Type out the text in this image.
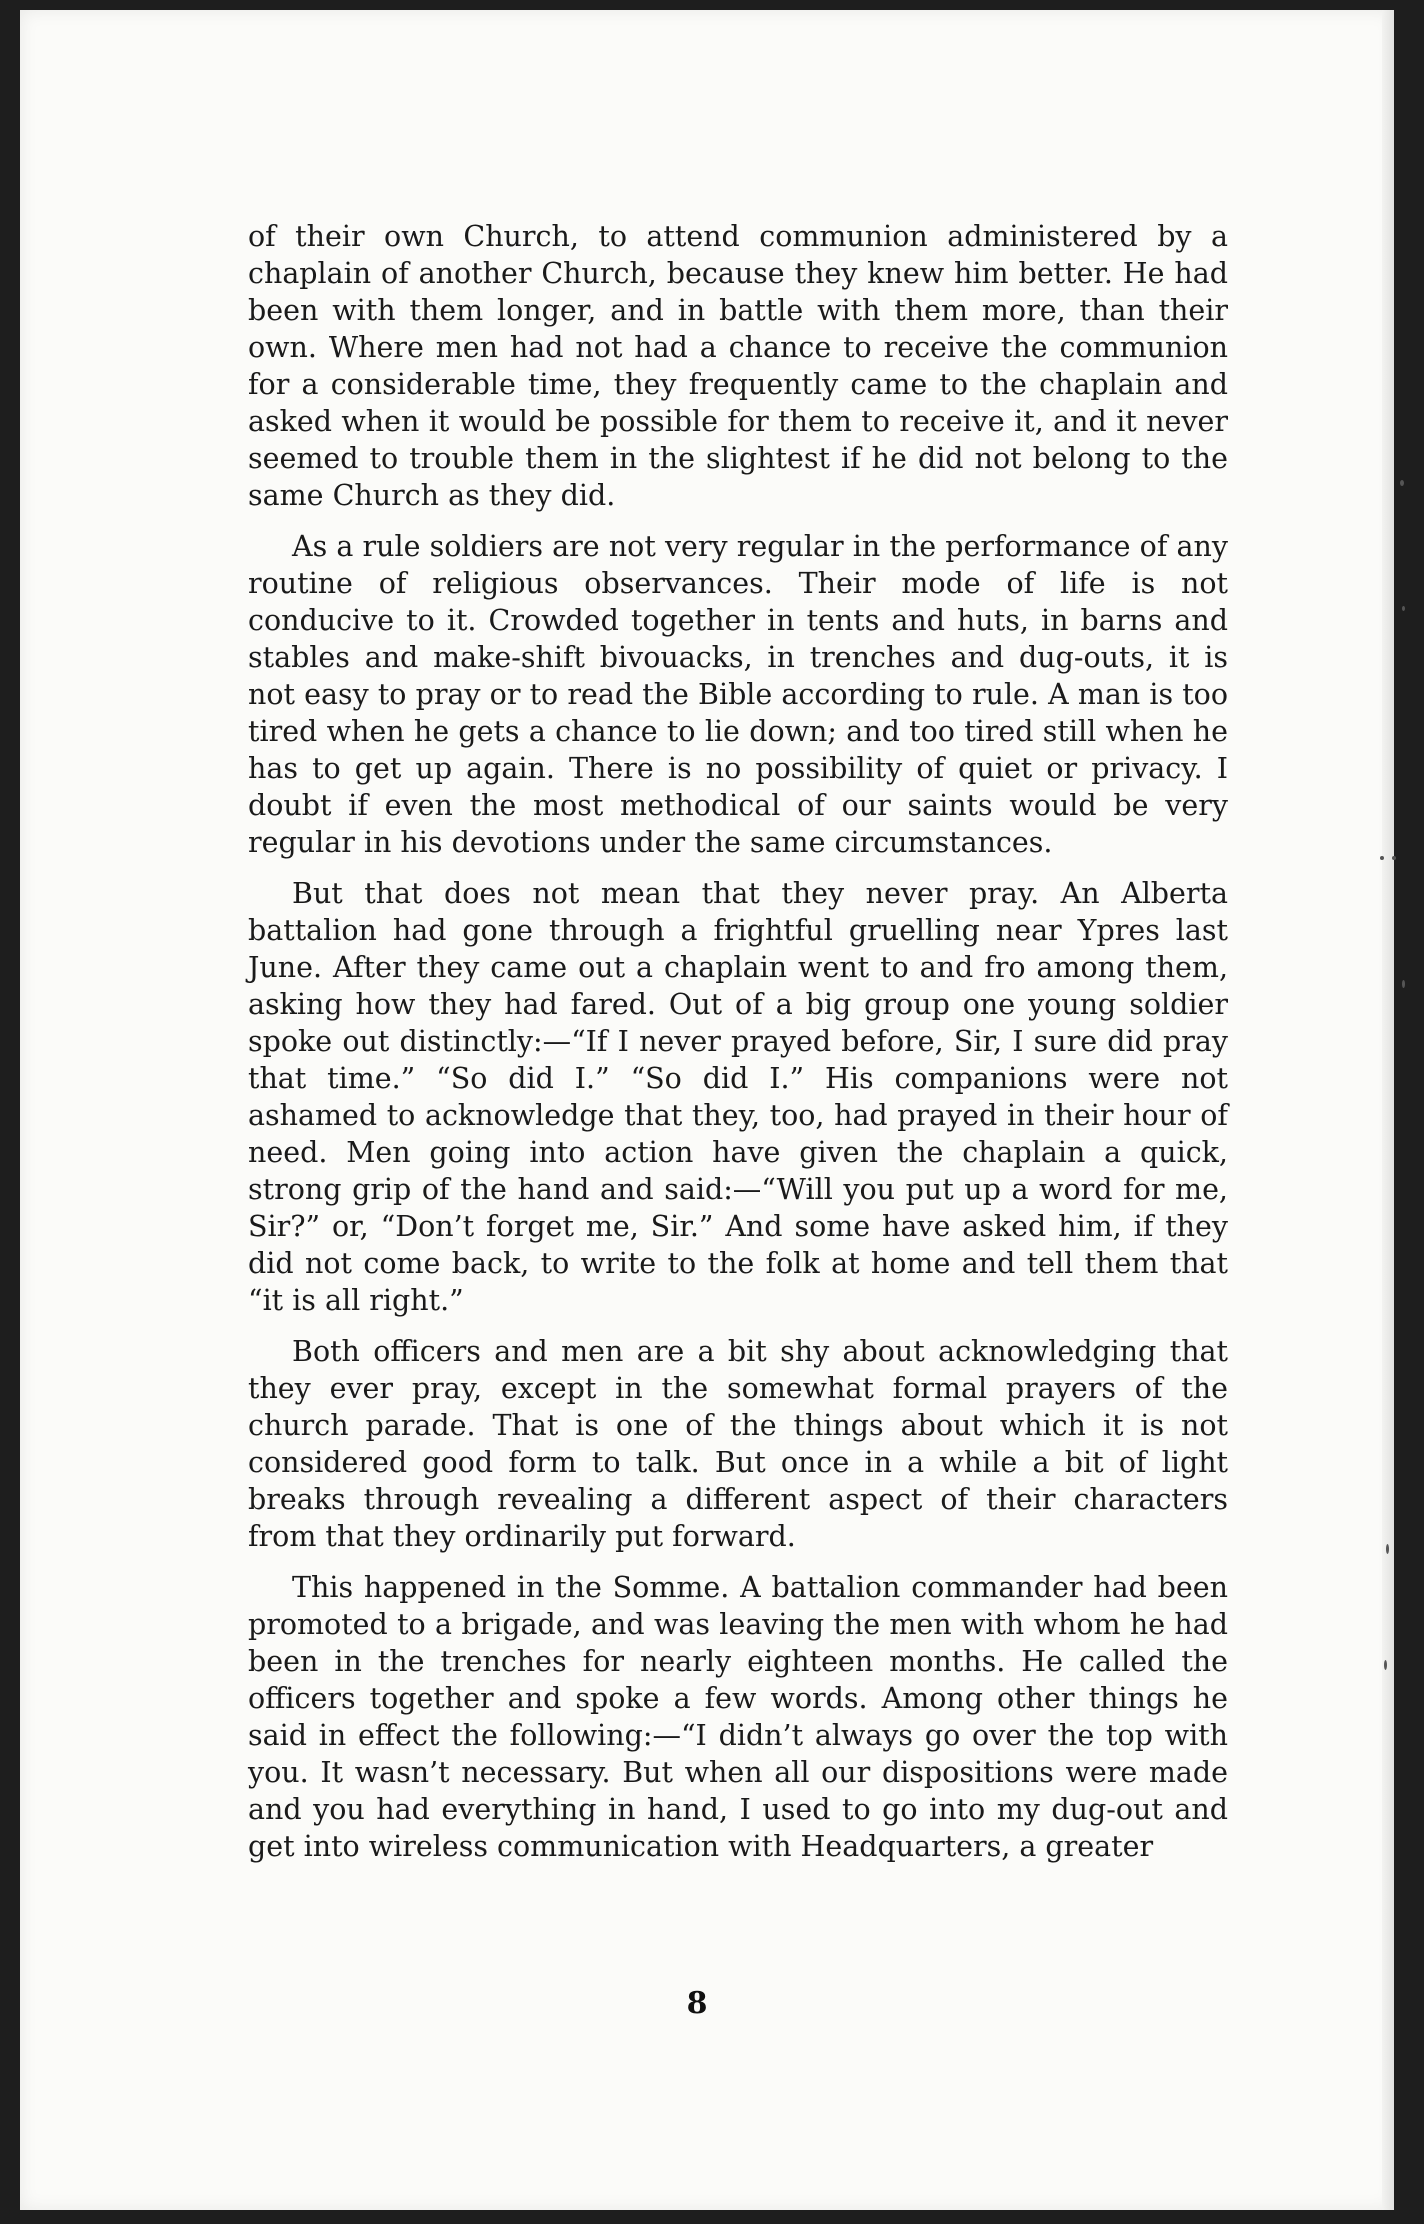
of their own Church, to attend communion administered by a chaplain of another Church, because they knew him better. He had been with them longer, and in battle with them more, than their own. Where men had not had a chance to receive the communion for a considerable time, they frequently came to the chaplain and asked when it would be possible for them to receive it, and it never seemed to trouble them in the slightest if he did not belong to the same Church as they did.

As a rule soldiers are not very regular in the performance of any routine of religious observances. Their mode of life is not conducive to it. Crowded together in tents and huts, in barns and stables and make-shift bivouacks, in trenches and dug-outs, it is not easy to pray or to read the Bible according to rule. A man is too tired when he gets a chance to lie down; and too tired still when he has to get up again. There is no possibility of quiet or privacy. I doubt if even the most methodical of our saints would be very regular in his devotions under the same circumstances.

But that does not mean that they never pray. An Alberta battalion had gone through a frightful gruelling near Ypres last June. After they came out a chaplain went to and fro among them, asking how they had fared. Out of a big group one young soldier spoke out distinctly:—“If I never prayed before, Sir, I sure did pray that time.” “So did I.” “So did I.” His companions were not ashamed to acknowledge that they, too, had prayed in their hour of need. Men going into action have given the chaplain a quick, strong grip of the hand and said:—“Will you put up a word for me, Sir?” or, “Don’t forget me, Sir.” And some have asked him, if they did not come back, to write to the folk at home and tell them that “it is all right.”

Both officers and men are a bit shy about acknowledging that they ever pray, except in the somewhat formal prayers of the church parade. That is one of the things about which it is not considered good form to talk. But once in a while a bit of light breaks through revealing a different aspect of their characters from that they ordinarily put forward.

This happened in the Somme. A battalion commander had been promoted to a brigade, and was leaving the men with whom he had been in the trenches for nearly eighteen months. He called the officers together and spoke a few words. Among other things he said in effect the following:—“I didn’t always go over the top with you. It wasn’t necessary. But when all our dispositions were made and you had everything in hand, I used to go into my dug-out and get into wireless communication with Headquarters, a greater

8
